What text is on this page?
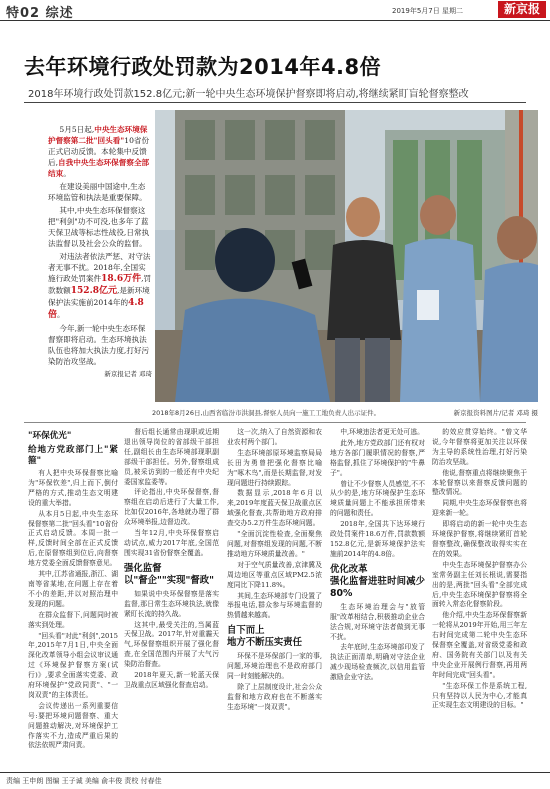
特02 综述	2019年5月7日 星期二	新京报
去年环境行政处罚款为2014年4.8倍
2018年环境行政处罚款152.8亿元;新一轮中央生态环境保护督察即将启动,将继续紧盯盲轮督察整改

5月5日起,中央生态环境保护督察第二批"回头看"10省份正式启动反馈。本轮集中反馈后,自我中央生态环保督察全部结束。

在建设美丽中国途中,生态环境监管和执法是重要保障。

其中,中央生态环保督察这把"利剑"功不可没,也多年了蓝天保卫战等标志性战役,日常执法监督以及社会公众的监督。

对违法者依法严惩、对守法者无事不扰。2018年,全国实施行政处罚案件18.6万件,罚款数额152.8亿元,是新环境保护法实施前2014年的4.8倍。

今年,新一轮中央生态环保督察即将启动。生态环境执法队伍也将加大执法力度,打好污染防治攻坚战。

新京报记者 邓琦
2018年8月26日,山西省临汾市洪洞县,督察人员向一施工工地负责人出示证件。	新京报资料图片/记者 邓琦 摄
"环保优光"
给地方党政部门上"紧箍"

有人把中央环保督察比喻为"环保钦差",归上而下,倒付严格的方式,推动生态文明建设的重大举措。

从本月5日起,中央生态环保督察第二批"回头看"10省份正式启动反馈。本周一批一样,反馈时间全部在正式反馈后,在原督察组到位后,向督察地方党委全面反馈督察意见。

其中,江苏省通报,浙江、湖南等省某地,在问题上存在着不小的差距,并以对照治理中发现的问题。

在群众监督下,问题同时被落实到处理。

"回头看"对此"利剑",2015年,2015年7月1日,中央全面深化改革领导小组会议审议通过《环境保护督察方案(试行)》,要求全面落实党委、政府环境保护"党政同责"、"一岗双责"的主体责任。

会议传递出一系列重要信号:要把环境问题督察、重大问题推动解决,对环境保护工作落实不力,造成严重后果的依法依规严肃问责。

督后组长通常由现职或近期退出领导岗位的省部级干部担任,副组长由生态环境部现职副部级干部担任。另外,督察组成员,被采访到的一般还有中央纪委国家监委等。

评论指出,中央环保督察,督察组在启动后进行了大量工作,比如仅2016年,各地就办理了群众环境举报,边督边改。

当年12月,中央环保督察启动试点,威力2017年底,全国范围实现31省份督察全覆盖。

强化监督
以"督企""实现"督政"

如果说中央环保督察是落实监督,那日常生态环境执法,就像紧盯长流的持久战。

这其中,最受关注的,当属蓝天保卫战。2017年,针对重霾天气,环保督察组织开展了强化督查,在全国范围内开展了大气污染防治督查。

2018年夏天,新一轮蓝天保卫战重点区域强化督查启动。

这一次,纳入了自然资源和农业农村两个部门。

生态环境部原环境监察局局长田为勇曾把强化督察比喻为"啄木鸟",而是长期监督,对发现问题进行持续跟踪。

数据显示,2018年6月以来,2019年度蓝天保卫战重点区域强化督查,共帮助地方政府排查交办5.2万件生态环境问题。

"全面沉淀性检查,全面聚焦问题,对督察组发现的问题,不断推动地方环境质量改善。"

对于空气质量改善,京津冀及周边地区等重点区域PM2.5浓度同比下降11.8%。

其间,生态环境部专门设置了举报电话,群众参与环境监督的热情越来越高。

自下而上
地方不断压实责任

环保不是环保部门一家的事,问题,环境治理也不是政府部门同一时刻能解决的。

除了上层制度设计,社会公众监督和地方政府也在不断落实生态环境"一岗双责"。

中,环境违法者更无处可逃。

此外,地方党政部门还有权对地方各部门履职情况的督察,严格监督,抓住了环境保护的"牛鼻子"。

曾让不少督察人员感觉,不不从少的是,地方环境保护生态环境质量问题上不能承担所带来的问题和责任。

2018年,全国共下达环境行政处罚案件18.6万件,罚款数额152.8亿元,是新环境保护法实施前2014年的4.8倍。

优化改革
强化监督进驻时间减少80%

生态环境治理会与"放管服"改革相结合,积极推动企业合法合规,对环境守法者做到无事不扰。

去年底时,生态环境部印发了执法正面清单,明确对守法企业减少现场检查频次,以信用监管激励企业守法。

的效应贯穿始终。"曾文华说,今年督察将更加关注以环保为主导的系统性治理,打好污染防治攻坚战。

他说,督察重点将继续聚焦于本轮督察以来督察反馈问题的整改情况。

同期,中央生态环保督察也将迎来新一轮。

即将启动的新一轮中央生态环境保护督察,将继续紧盯首轮督察整改,确保整改取得实实在在的效果。

中央生态环境保护督察办公室常务副主任刘长根说,需要指出的是,两批"回头看"全部完成后,中央生态环境保护督察将全面转入常态化督察阶段。

他介绍,中央生态环保督察新一轮将从2019年开始,用三年左右时间完成第二轮中央生态环保督察全覆盖,对省级党委和政府、国务院有关部门以及有关中央企业开展例行督察,再用两年时间完成"回头看"。

"生态环保工作是系统工程,只有坚持以人民为中心,才能真正实现生态文明建设的目标。"

责编 王申朗 图编 王子诚 美编 俞丰俊 责校 付春佳
